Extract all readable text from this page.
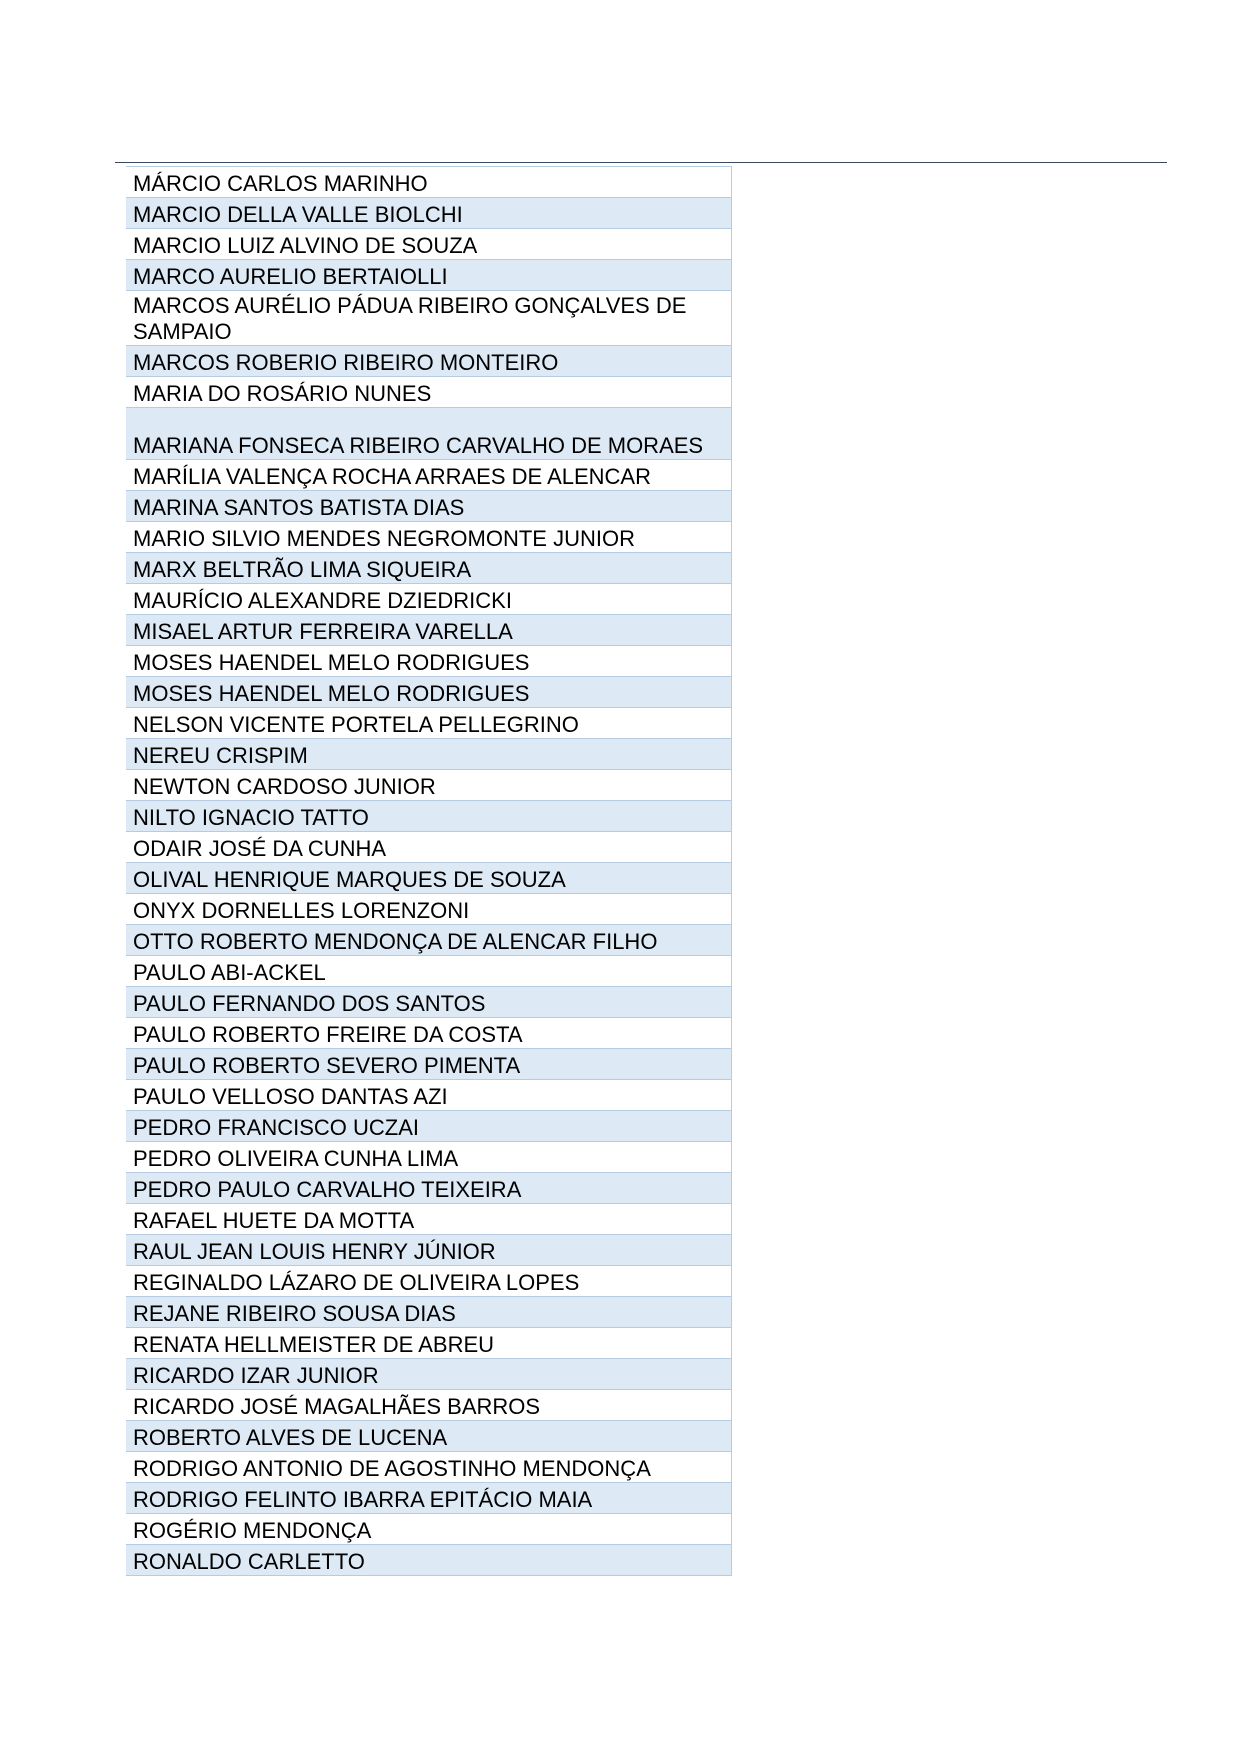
MÁRCIO CARLOS MARINHO
MARCIO DELLA VALLE BIOLCHI
MARCIO LUIZ ALVINO DE SOUZA
MARCO AURELIO BERTAIOLLI
MARCOS AURÉLIO PÁDUA RIBEIRO GONÇALVES DE SAMPAIO
MARCOS ROBERIO RIBEIRO MONTEIRO
MARIA DO ROSÁRIO NUNES
MARIANA FONSECA RIBEIRO CARVALHO DE MORAES
MARÍLIA VALENÇA ROCHA ARRAES DE ALENCAR
MARINA SANTOS BATISTA DIAS
MARIO SILVIO MENDES NEGROMONTE JUNIOR
MARX BELTRÃO LIMA SIQUEIRA
MAURÍCIO ALEXANDRE DZIEDRICKI
MISAEL ARTUR FERREIRA VARELLA
MOSES HAENDEL MELO RODRIGUES
MOSES HAENDEL MELO RODRIGUES
NELSON VICENTE PORTELA PELLEGRINO
NEREU CRISPIM
NEWTON CARDOSO JUNIOR
NILTO IGNACIO TATTO
ODAIR JOSÉ DA CUNHA
OLIVAL HENRIQUE MARQUES DE SOUZA
ONYX DORNELLES LORENZONI
OTTO ROBERTO MENDONÇA DE ALENCAR FILHO
PAULO ABI-ACKEL
PAULO FERNANDO DOS SANTOS
PAULO ROBERTO FREIRE DA COSTA
PAULO ROBERTO SEVERO PIMENTA
PAULO VELLOSO DANTAS AZI
PEDRO FRANCISCO UCZAI
PEDRO OLIVEIRA CUNHA LIMA
PEDRO PAULO CARVALHO TEIXEIRA
RAFAEL HUETE DA MOTTA
RAUL JEAN LOUIS HENRY JÚNIOR
REGINALDO LÁZARO DE OLIVEIRA LOPES
REJANE RIBEIRO SOUSA DIAS
RENATA HELLMEISTER DE ABREU
RICARDO IZAR JUNIOR
RICARDO JOSÉ MAGALHÃES BARROS
ROBERTO ALVES DE LUCENA
RODRIGO ANTONIO DE AGOSTINHO MENDONÇA
RODRIGO FELINTO IBARRA EPITÁCIO MAIA
ROGÉRIO MENDONÇA
RONALDO CARLETTO
